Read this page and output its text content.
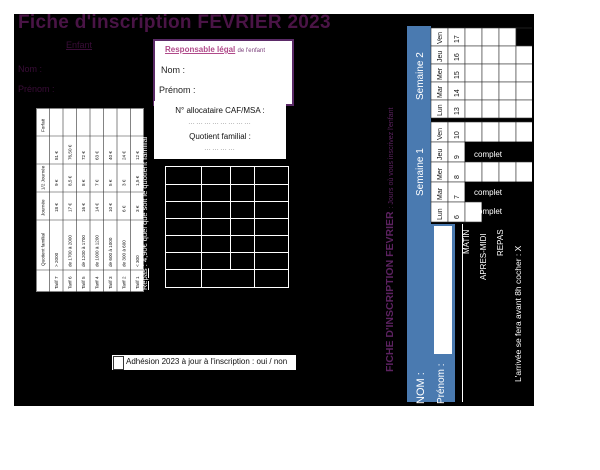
Fiche d'inscription FEVRIER 2023
Enfant
Nom :
Prénom :
Responsable légal de l'enfant
Nom :
Prénom :
N° allocataire CAF/MSA :
……………………
Quotient familial :
…………
Quotient familial
Journée
1/2 Journée
Forfait
Tarif 7
> 2000
18 €
9 €
81 €
Tarif 6
de 1700 à 2000
17 €
8,5 €
76,50 €
Tarif 5
de 1200 à 1700
16 €
8 €
72 €
Tarif 4
de 1000 à 1200
14 €
7 €
63 €
Tarif 3
de 600 à 1000
10 €
5 €
40 €
Tarif 2
de 300 à 600
6 €
3 €
24 €
Tarif 1
< 300
3 €
1,5 €
12 €
Repas : 4,90€ quel que soit le quotient familial
Adhésion 2023 à jour à l'inscription : oui / non	FICHE D'INSCRIPTION FEVRIER : Jours où vous inscrivez l'enfant
Semaine 2
Semaine 1
Ven 17
Jeu 16
Mer 15
Mar 14
Lun 13
Ven 10
Jeu 9
Mer 8
Mar 7
Lun 6
NOM : Prénom :
MATIN APRES-MIDI REPAS
L'arrivée se fera avant 8h cocher : X
complet
complet
complet
